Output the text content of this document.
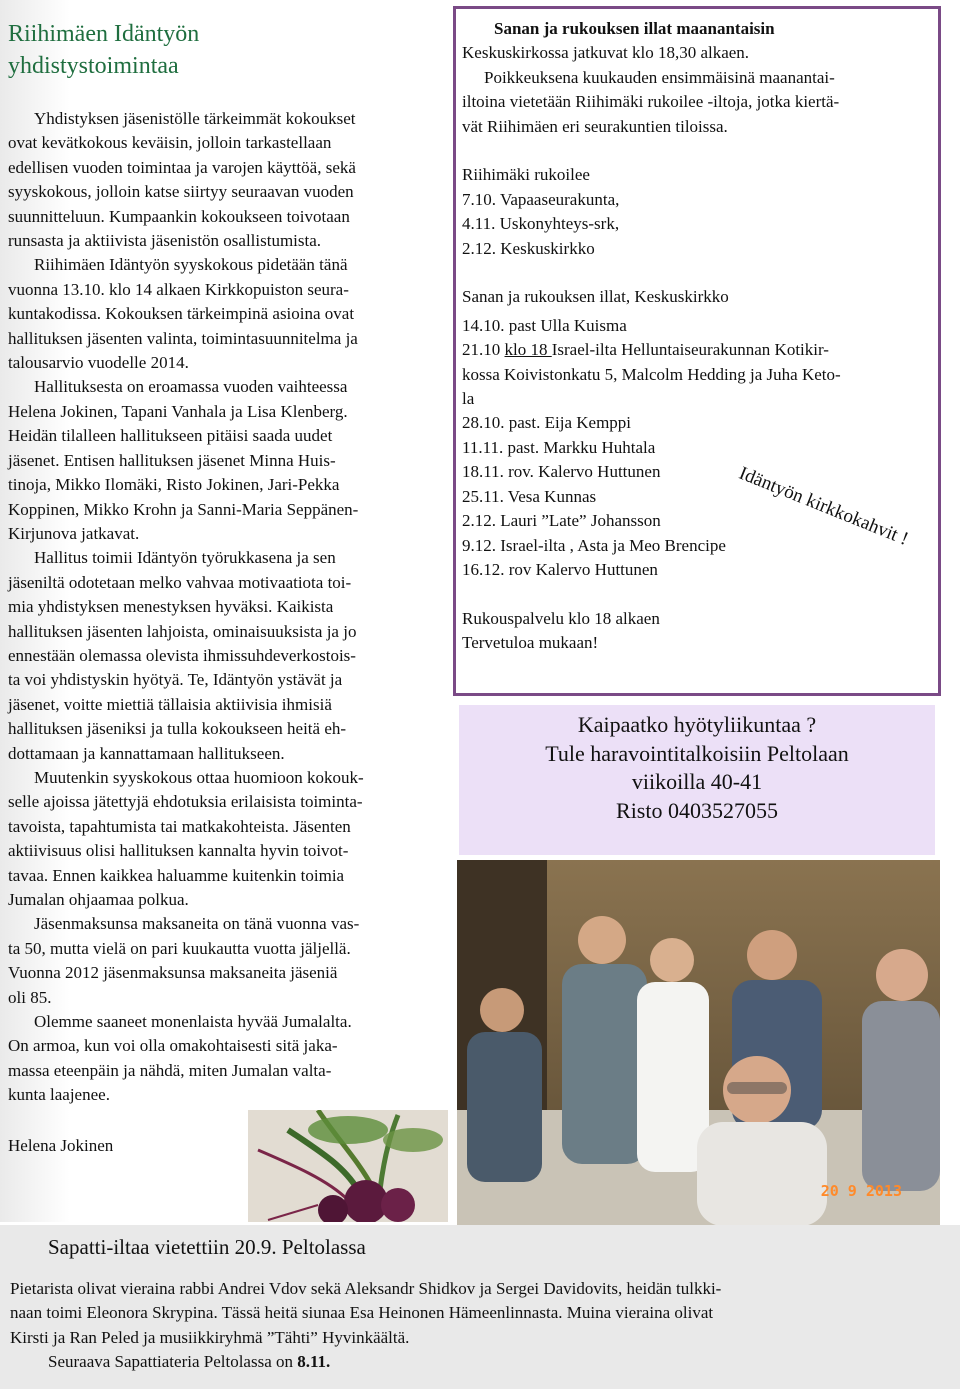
Riihimäen Idäntyön
yhdistystoimintaa

Yhdistyksen jäsenistölle tärkeimmät kokoukset

ovat kevätkokous keväisin, jolloin tarkastellaan

edellisen vuoden toimintaa ja varojen käyttöä, sekä

syyskokous, jolloin katse siirtyy seuraavan vuoden

suunnitteluun. Kumpaankin kokoukseen toivotaan

runsasta ja aktiivista jäsenistön osallistumista.

Riihimäen Idäntyön syyskokous pidetään tänä

vuonna 13.10. klo 14 alkaen Kirkkopuiston seura-

kuntakodissa. Kokouksen tärkeimpinä asioina ovat

hallituksen jäsenten valinta, toimintasuunnitelma ja

talousarvio vuodelle 2014.

Hallituksesta on eroamassa vuoden vaihteessa

Helena Jokinen, Tapani Vanhala ja Lisa Klenberg.

Heidän tilalleen hallitukseen pitäisi saada uudet

jäsenet. Entisen hallituksen jäsenet Minna Huis-

tinoja, Mikko Ilomäki, Risto Jokinen, Jari-Pekka

Koppinen, Mikko Krohn ja Sanni-Maria Seppänen-

Kirjunova jatkavat.

Hallitus toimii Idäntyön työrukkasena ja sen

jäseniltä odotetaan melko vahvaa motivaatiota toi-

mia yhdistyksen menestyksen hyväksi. Kaikista

hallituksen jäsenten lahjoista, ominaisuuksista ja jo

ennestään olemassa olevista ihmissuhdeverkostois-

ta voi yhdistyskin hyötyä. Te, Idäntyön ystävät ja

jäsenet, voitte miettiä tällaisia aktiivisia ihmisiä

hallituksen jäseniksi ja tulla kokoukseen heitä eh-

dottamaan ja kannattamaan hallitukseen.

Muutenkin syyskokous ottaa huomioon kokouk-

selle ajoissa jätettyjä ehdotuksia erilaisista toiminta-

tavoista, tapahtumista tai matkakohteista. Jäsenten

aktiivisuus olisi hallituksen kannalta hyvin toivot-

tavaa. Ennen kaikkea haluamme kuitenkin toimia

Jumalan ohjaamaa polkua.

Jäsenmaksunsa maksaneita on tänä vuonna vas-

ta 50, mutta vielä on pari kuukautta vuotta jäljellä.

Vuonna 2012 jäsenmaksunsa maksaneita jäseniä

oli 85.

Olemme saaneet monenlaista hyvää Jumalalta.

On armoa, kun voi olla omakohtaisesti sitä jaka-

massa eteenpäin ja nähdä, miten Jumalan valta-

kunta laajenee.

Helena Jokinen

Sanan ja rukouksen illat maanantaisin

Keskuskirkossa jatkuvat klo 18,30 alkaen.

Poikkeuksena kuukauden ensimmäisinä maanantai-

iltoina vietetään Riihimäki rukoilee -iltoja, jotka kiertä-

vät Riihimäen eri seurakuntien tiloissa.

Riihimäki rukoilee

7.10. Vapaaseurakunta,

4.11. Uskonyhteys-srk,

2.12. Keskuskirkko

Sanan ja rukouksen illat, Keskuskirkko

14.10. past Ulla Kuisma

21.10 klo 18 Israel-ilta Helluntaiseurakunnan Kotikir-

kossa Koivistonkatu 5, Malcolm Hedding ja Juha Keto-

la

28.10. past. Eija Kemppi

11.11. past. Markku Huhtala

18.11. rov. Kalervo Huttunen

25.11. Vesa Kunnas

2.12. Lauri ”Late” Johansson

9.12. Israel-ilta , Asta ja Meo Brencipe

16.12. rov Kalervo Huttunen

Rukouspalvelu klo 18 alkaen

Tervetuloa mukaan!

Idäntyön kirkkokahvit !
Kaipaatko hyötyliikuntaa ?
Tule haravointitalkoisiin Peltolaan
viikoilla 40-41
Risto 0403527055
20 9 2013
Sapatti-iltaa vietettiin 20.9. Peltolassa

Pietarista olivat vieraina rabbi Andrei Vdov sekä Aleksandr Shidkov ja Sergei Davidovits, heidän tulkki-

naan toimi Eleonora Skrypina. Tässä heitä siunaa Esa Heinonen Hämeenlinnasta. Muina vieraina olivat

Kirsti ja Ran Peled ja musiikkiryhmä ”Tähti” Hyvinkäältä.

Seuraava Sapattiateria Peltolassa on 8.11.
